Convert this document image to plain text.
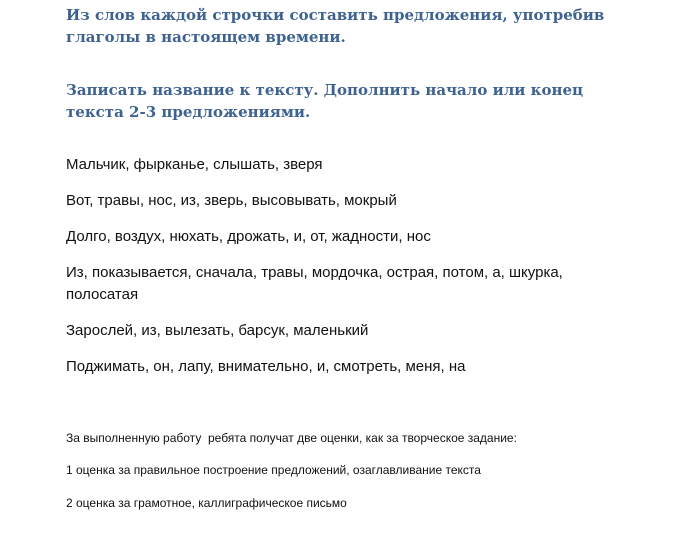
Из слов каждой строчки составить предложения, употребив глаголы в настоящем времени.

Записать название к тексту. Дополнить начало или конец текста 2-3 предложениями.

Мальчик, фырканье, слышать, зверя
Вот, травы, нос, из, зверь, высовывать, мокрый
Долго, воздух, нюхать, дрожать, и, от, жадности, нос
Из, показывается, сначала, травы, мордочка, острая, потом, а, шкурка, полосатая
Зарослей, из, вылезать, барсук, маленький
Поджимать, он, лапу, внимательно, и, смотреть, меня, на

За выполненную работу  ребята получат две оценки, как за творческое задание:

1 оценка за правильное построение предложений, озаглавливание текста

2 оценка за грамотное, каллиграфическое письмо
